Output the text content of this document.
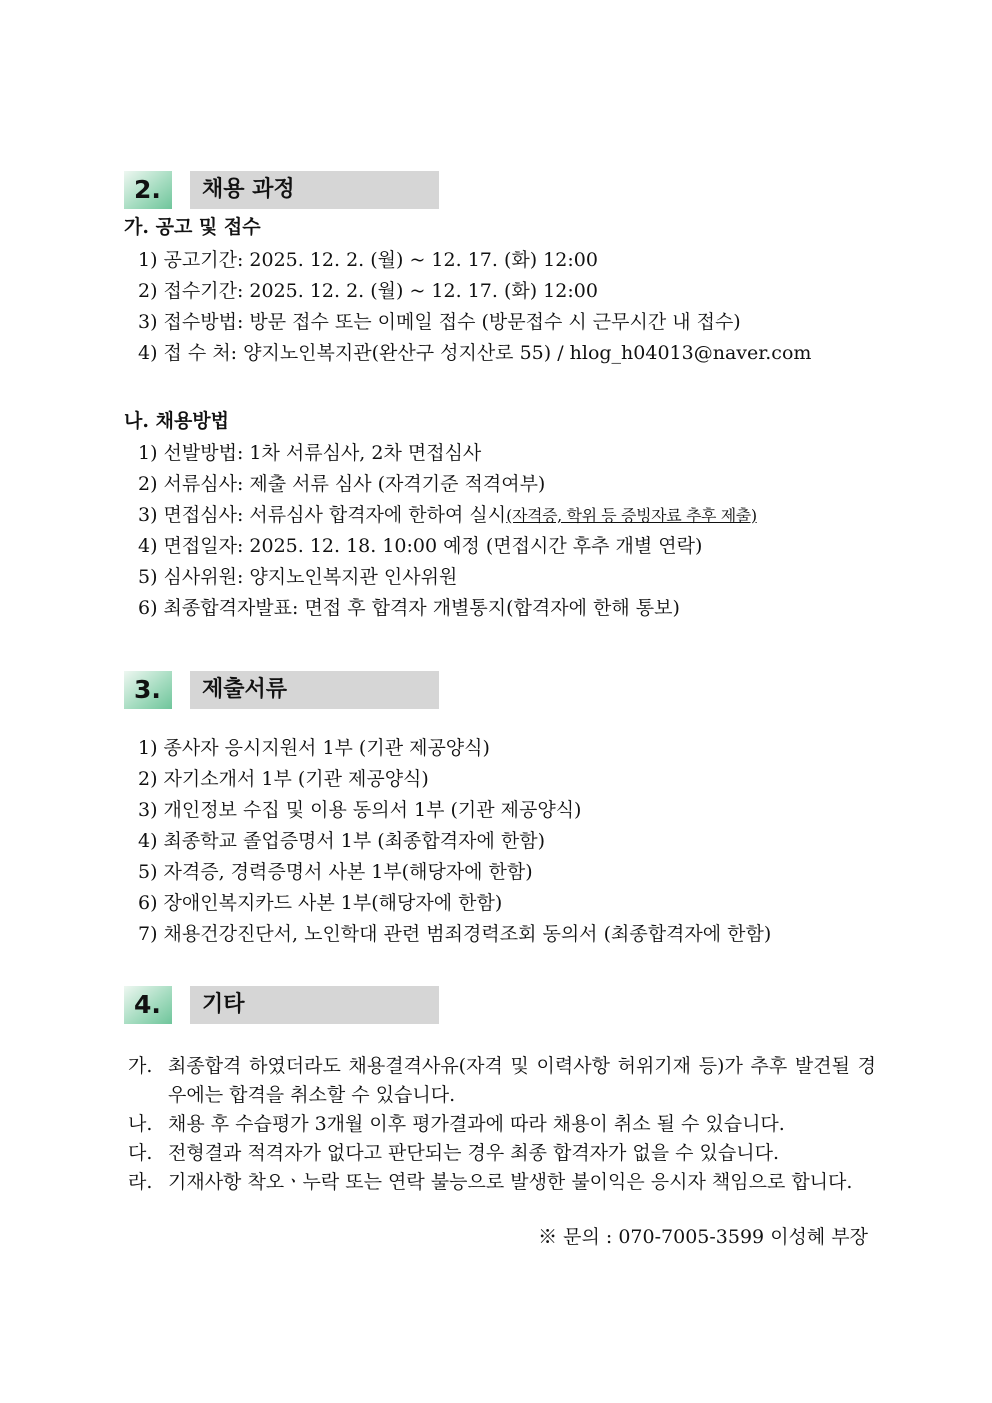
2.	채용 과정
가. 공고 및 접수
1) 공고기간: 2025. 12. 2. (월) ~ 12. 17. (화) 12:00
2) 접수기간: 2025. 12. 2. (월) ~ 12. 17. (화) 12:00
3) 접수방법: 방문 접수 또는 이메일 접수 (방문접수 시 근무시간 내 접수)
4) 접 수 처: 양지노인복지관(완산구 성지산로 55) / hlog_h04013@naver.com
나. 채용방법
1) 선발방법: 1차 서류심사, 2차 면접심사
2) 서류심사: 제출 서류 심사 (자격기준 적격여부)
3) 면접심사: 서류심사 합격자에 한하여 실시(자격증, 학위 등 증빙자료 추후 제출)
4) 면접일자: 2025. 12. 18. 10:00 예정 (면접시간 후추 개별 연락)
5) 심사위원: 양지노인복지관 인사위원
6) 최종합격자발표: 면접 후 합격자 개별통지(합격자에 한해 통보)
3.	제출서류
1) 종사자 응시지원서 1부 (기관 제공양식)
2) 자기소개서 1부 (기관 제공양식)
3) 개인정보 수집 및 이용 동의서 1부 (기관 제공양식)
4) 최종학교 졸업증명서 1부 (최종합격자에 한함)
5) 자격증, 경력증명서 사본 1부(해당자에 한함)
6) 장애인복지카드 사본 1부(해당자에 한함)
7) 채용건강진단서, 노인학대 관련 범죄경력조회 동의서 (최종합격자에 한함)
4.	기타
가. 최종합격 하였더라도 채용결격사유(자격 및 이력사항 허위기재 등)가 추후 발견될 경우에는 합격을 취소할 수 있습니다.
나. 채용 후 수습평가 3개월 이후 평가결과에 따라 채용이 취소 될 수 있습니다.
다. 전형결과 적격자가 없다고 판단되는 경우 최종 합격자가 없을 수 있습니다.
라. 기재사항 착오ㆍ누락 또는 연락 불능으로 발생한 불이익은 응시자 책임으로 합니다.
※ 문의 : 070-7005-3599 이성혜 부장
